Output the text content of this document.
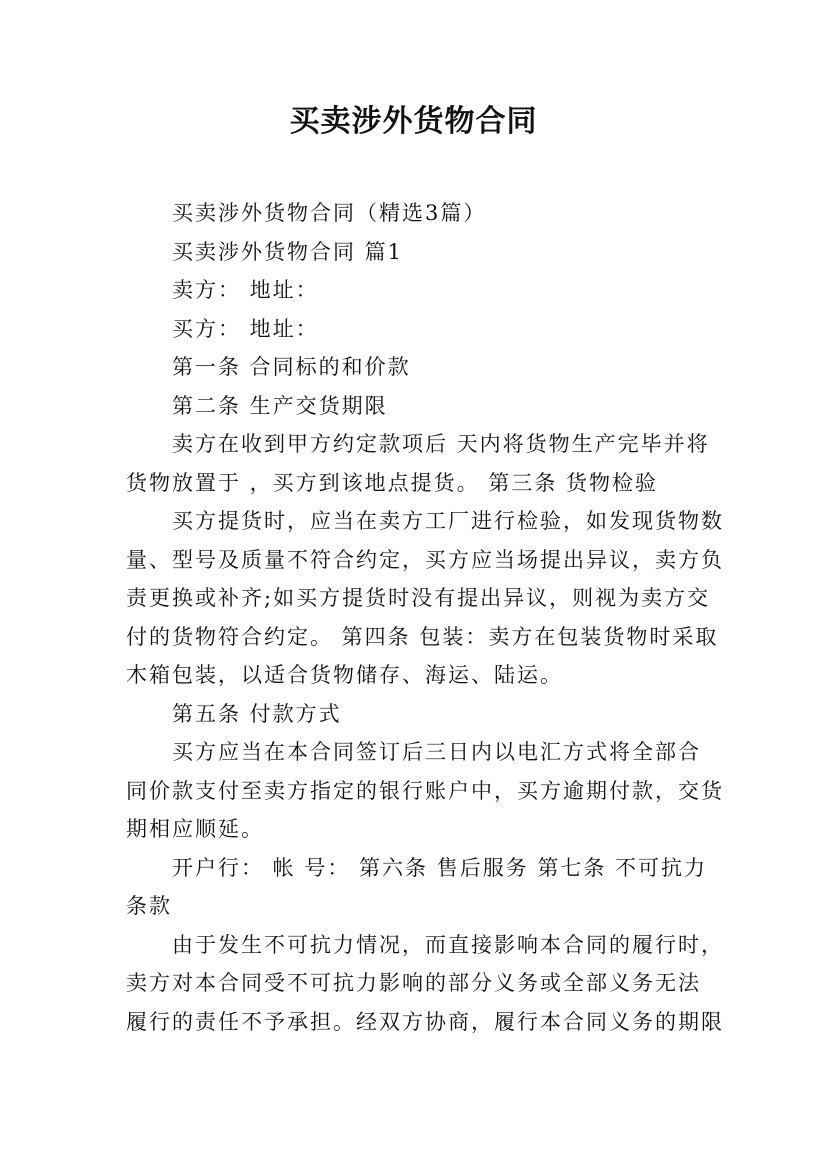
买卖涉外货物合同
买卖涉外货物合同（精选3篇）
买卖涉外货物合同 篇1
卖方： 地址：
买方： 地址：
第一条 合同标的和价款
第二条 生产交货期限
卖方在收到甲方约定款项后 天内将货物生产完毕并将
货物放置于 ，买方到该地点提货。 第三条 货物检验
买方提货时，应当在卖方工厂进行检验，如发现货物数
量、型号及质量不符合约定，买方应当场提出异议，卖方负
责更换或补齐;如买方提货时没有提出异议，则视为卖方交
付的货物符合约定。 第四条 包装：卖方在包装货物时采取
木箱包装，以适合货物储存、海运、陆运。
第五条 付款方式
买方应当在本合同签订后三日内以电汇方式将全部合
同价款支付至卖方指定的银行账户中，买方逾期付款，交货
期相应顺延。
开户行： 帐 号： 第六条 售后服务 第七条 不可抗力
条款
由于发生不可抗力情况，而直接影响本合同的履行时，
卖方对本合同受不可抗力影响的部分义务或全部义务无法
履行的责任不予承担。经双方协商，履行本合同义务的期限
